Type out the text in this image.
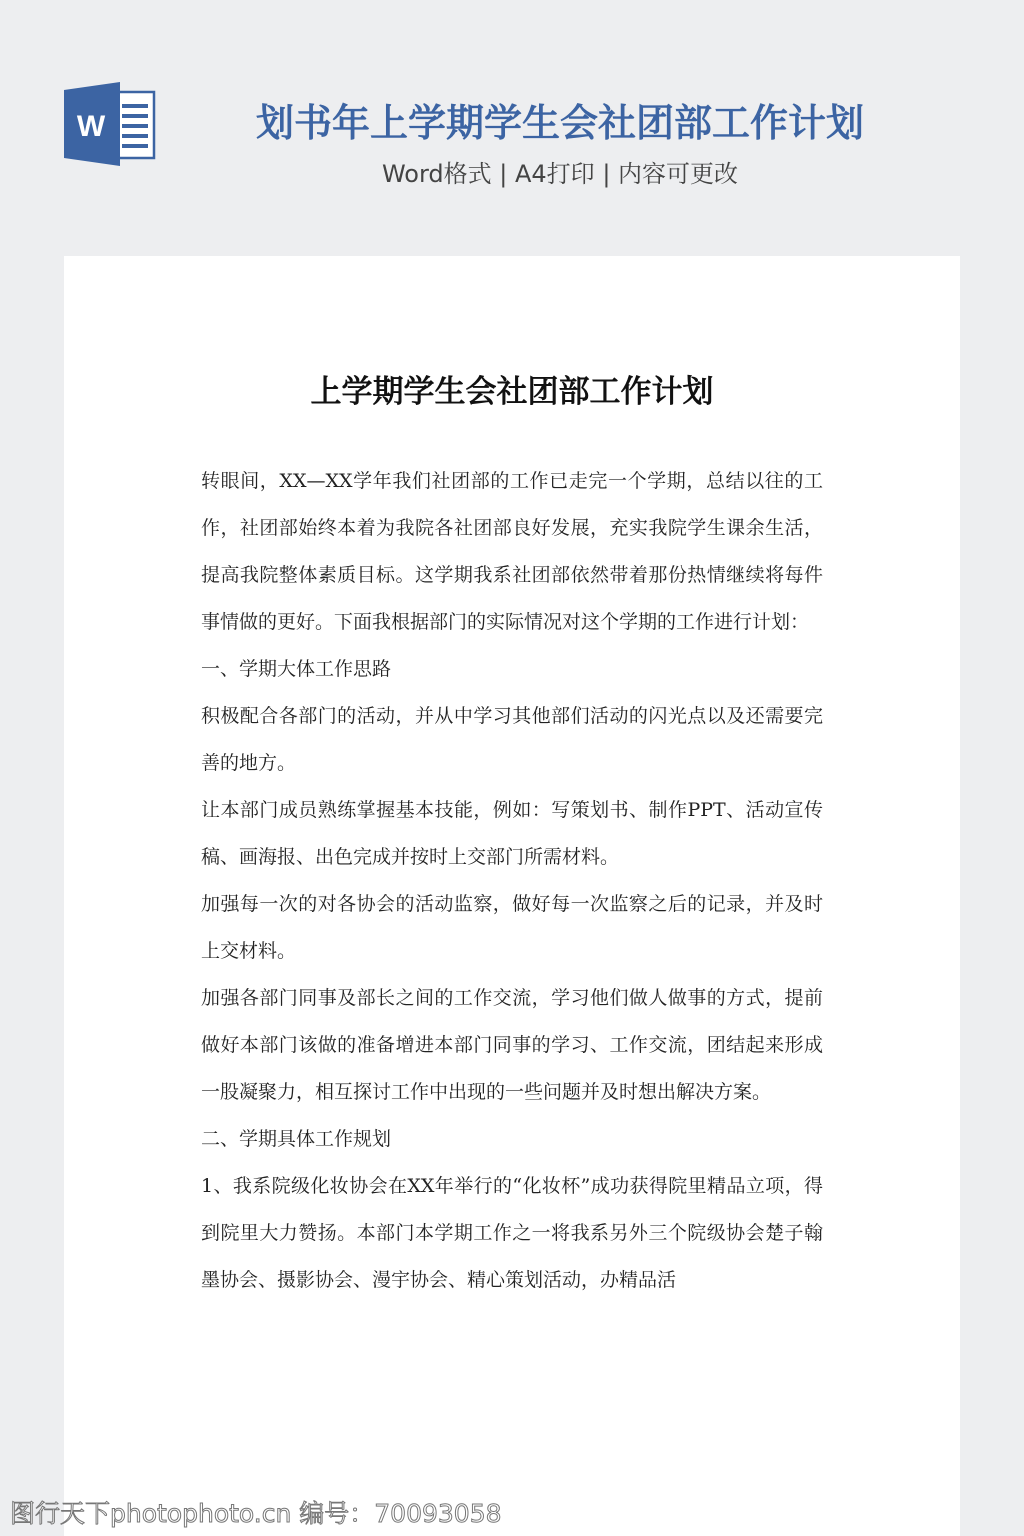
W	划书年上学期学生会社团部工作计划
Word格式 | A4打印 | 内容可更改
上学期学生会社团部工作计划

转眼间，XX—XX学年我们社团部的工作已走完一个学期，总结以往的工作，社团部始终本着为我院各社团部良好发展，充实我院学生课余生活，提高我院整体素质目标。这学期我系社团部依然带着那份热情继续将每件事情做的更好。下面我根据部门的实际情况对这个学期的工作进行计划：

一、学期大体工作思路

积极配合各部门的活动，并从中学习其他部们活动的闪光点以及还需要完善的地方。

让本部门成员熟练掌握基本技能，例如：写策划书、制作PPT、活动宣传稿、画海报、出色完成并按时上交部门所需材料。

加强每一次的对各协会的活动监察，做好每一次监察之后的记录，并及时上交材料。

加强各部门同事及部长之间的工作交流，学习他们做人做事的方式，提前做好本部门该做的准备增进本部门同事的学习、工作交流，团结起来形成一股凝聚力，相互探讨工作中出现的一些问题并及时想出解决方案。

二、学期具体工作规划

1、我系院级化妆协会在XX年举行的“化妆杯”成功获得院里精品立项，得到院里大力赞扬。本部门本学期工作之一将我系另外三个院级协会楚子翰墨协会、摄影协会、漫宇协会、精心策划活动，办精品活

图行天下photophoto.cn 编号：70093058
